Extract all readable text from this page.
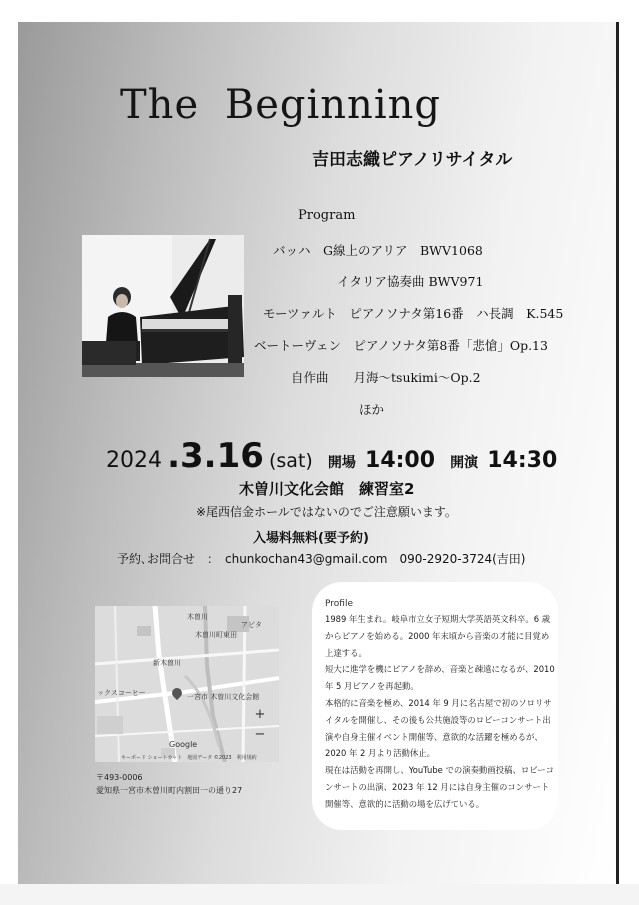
The Beginning
吉田志織ピアノリサイタル
Program
バッハ　G線上のアリア　BWV1068
イタリア協奏曲 BWV971
モーツァルト　ピアノソナタ第16番　ハ長調　K.545
ベートーヴェン　ピアノソナタ第8番「悲愴」Op.13
自作曲　　月海～tsukimi～Op.2
ほか
2024 .3.16 (sat) 開場 14:00 開演 14:30
木曽川文化会館　練習室2
※尾西信金ホールではないのでご注意願います。
入場料無料(要予約)
予約､お問合せ　：　chunkochan43@gmail.com　090-2920-3724(吉田)
木曽川
木曽川町東田
アピタ
新木曽川
ックスコーヒー	一宮市 木曽川文化会館
Google
キーボード ショートカット　地図データ ©2023　利用規約
+
−
〒493-0006
愛知県一宮市木曽川町内割田一の通り27
Profile

1989 年生まれ。岐阜市立女子短期大学英語英文科卒。6 歳からピアノを始める。2000 年末頃から音楽の才能に目覚め上達する。

短大に進学を機にピアノを辞め、音楽と疎遠になるが、2010 年 5 月ピアノを再起動。

本格的に音楽を極め、2014 年 9 月に名古屋で初のソロリサイタルを開催し、その後も公共施設等のロビーコンサート出演や自身主催イベント開催等、意欲的な活躍を極めるが、2020 年 2 月より活動休止。

現在は活動を再開し、YouTube での演奏動画投稿、ロビーコンサートの出演、2023 年 12 月には自身主催のコンサート開催等、意欲的に活動の場を広げている。
